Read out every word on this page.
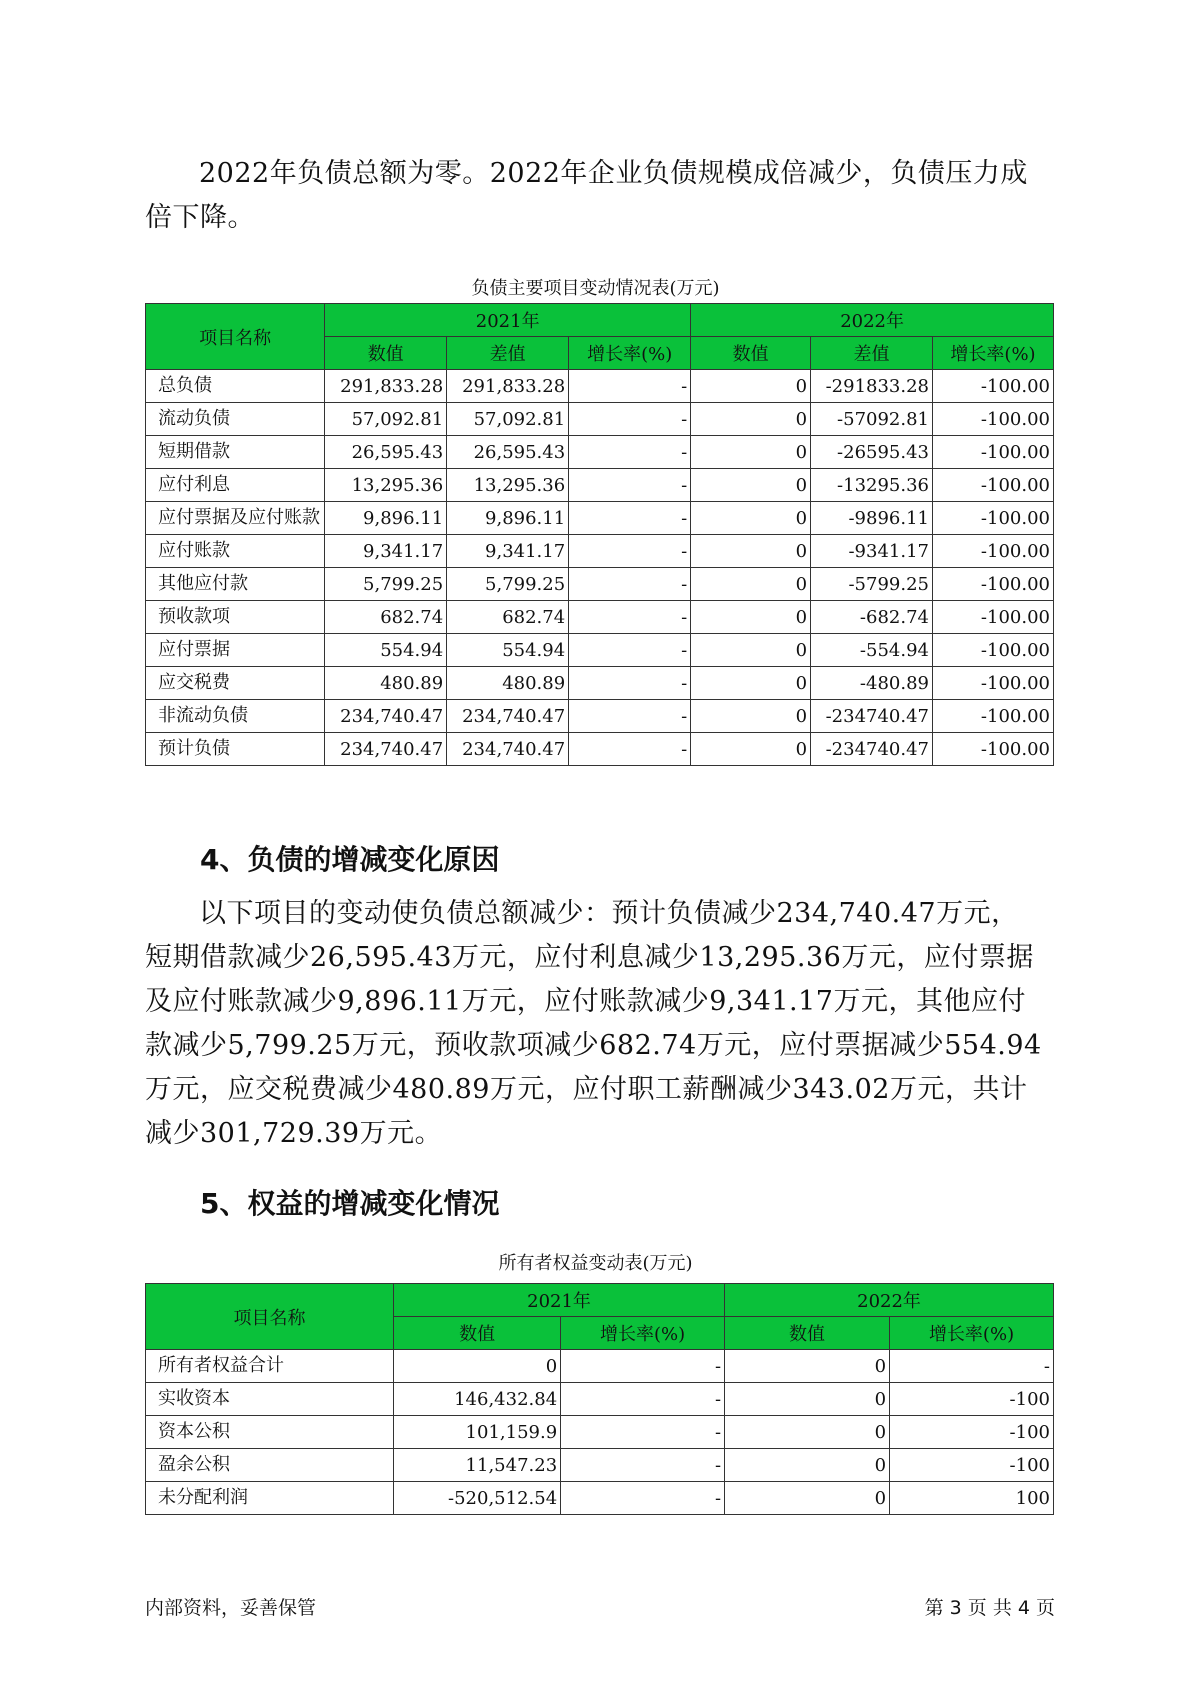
2022年负债总额为零。2022年企业负债规模成倍减少，负债压力成倍下降。
负债主要项目变动情况表(万元)
项目名称	2021年			2022年		
	数值	差值	增长率(%)	数值	差值	增长率(%)
总负债	291,833.28	291,833.28	-	0	-291833.28	-100.00
流动负债	57,092.81	57,092.81	-	0	-57092.81	-100.00
短期借款	26,595.43	26,595.43	-	0	-26595.43	-100.00
应付利息	13,295.36	13,295.36	-	0	-13295.36	-100.00
应付票据及应付账款	9,896.11	9,896.11	-	0	-9896.11	-100.00
应付账款	9,341.17	9,341.17	-	0	-9341.17	-100.00
其他应付款	5,799.25	5,799.25	-	0	-5799.25	-100.00
预收款项	682.74	682.74	-	0	-682.74	-100.00
应付票据	554.94	554.94	-	0	-554.94	-100.00
应交税费	480.89	480.89	-	0	-480.89	-100.00
非流动负债	234,740.47	234,740.47	-	0	-234740.47	-100.00
预计负债	234,740.47	234,740.47	-	0	-234740.47	-100.00
4、负债的增减变化原因
以下项目的变动使负债总额减少：预计负债减少234,740.47万元，短期借款减少26,595.43万元，应付利息减少13,295.36万元，应付票据及应付账款减少9,896.11万元，应付账款减少9,341.17万元，其他应付款减少5,799.25万元，预收款项减少682.74万元，应付票据减少554.94万元，应交税费减少480.89万元，应付职工薪酬减少343.02万元，共计减少301,729.39万元。
5、权益的增减变化情况
所有者权益变动表(万元)
项目名称	2021年		2022年	
	数值	增长率(%)	数值	增长率(%)
所有者权益合计	0	-	0	-
实收资本	146,432.84	-	0	-100
资本公积	101,159.9	-	0	-100
盈余公积	11,547.23	-	0	-100
未分配利润	-520,512.54	-	0	100
内部资料，妥善保管	第 3 页 共 4 页
